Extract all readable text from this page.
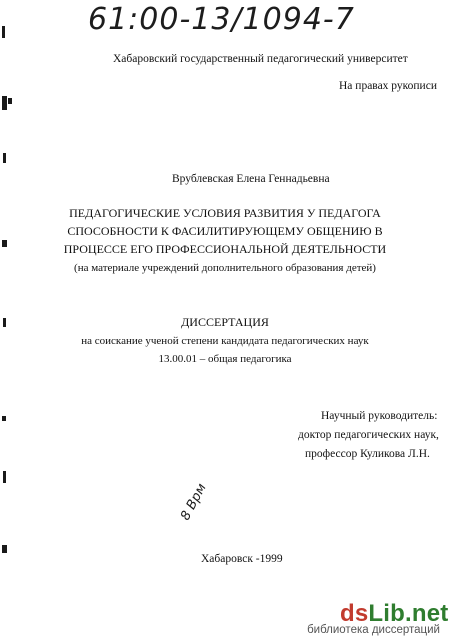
61:00-13/1094-7
Хабаровский государственный педагогический университет
На правах рукописи
Врублевская Елена Геннадьевна
ПЕДАГОГИЧЕСКИЕ УСЛОВИЯ РАЗВИТИЯ У ПЕДАГОГА
СПОСОБНОСТИ К ФАСИЛИТИРУЮЩЕМУ ОБЩЕНИЮ В
ПРОЦЕССЕ ЕГО ПРОФЕССИОНАЛЬНОЙ ДЕЯТЕЛЬНОСТИ
(на материале учреждений дополнительного образования детей)
ДИССЕРТАЦИЯ
на соискание ученой степени кандидата педагогических наук
13.00.01 – общая педагогика
Научный руководитель:
доктор педагогических наук,
профессор Куликова Л.Н.
8 Врм
Хабаровск -1999
dsLib.net
библиотека диссертаций
